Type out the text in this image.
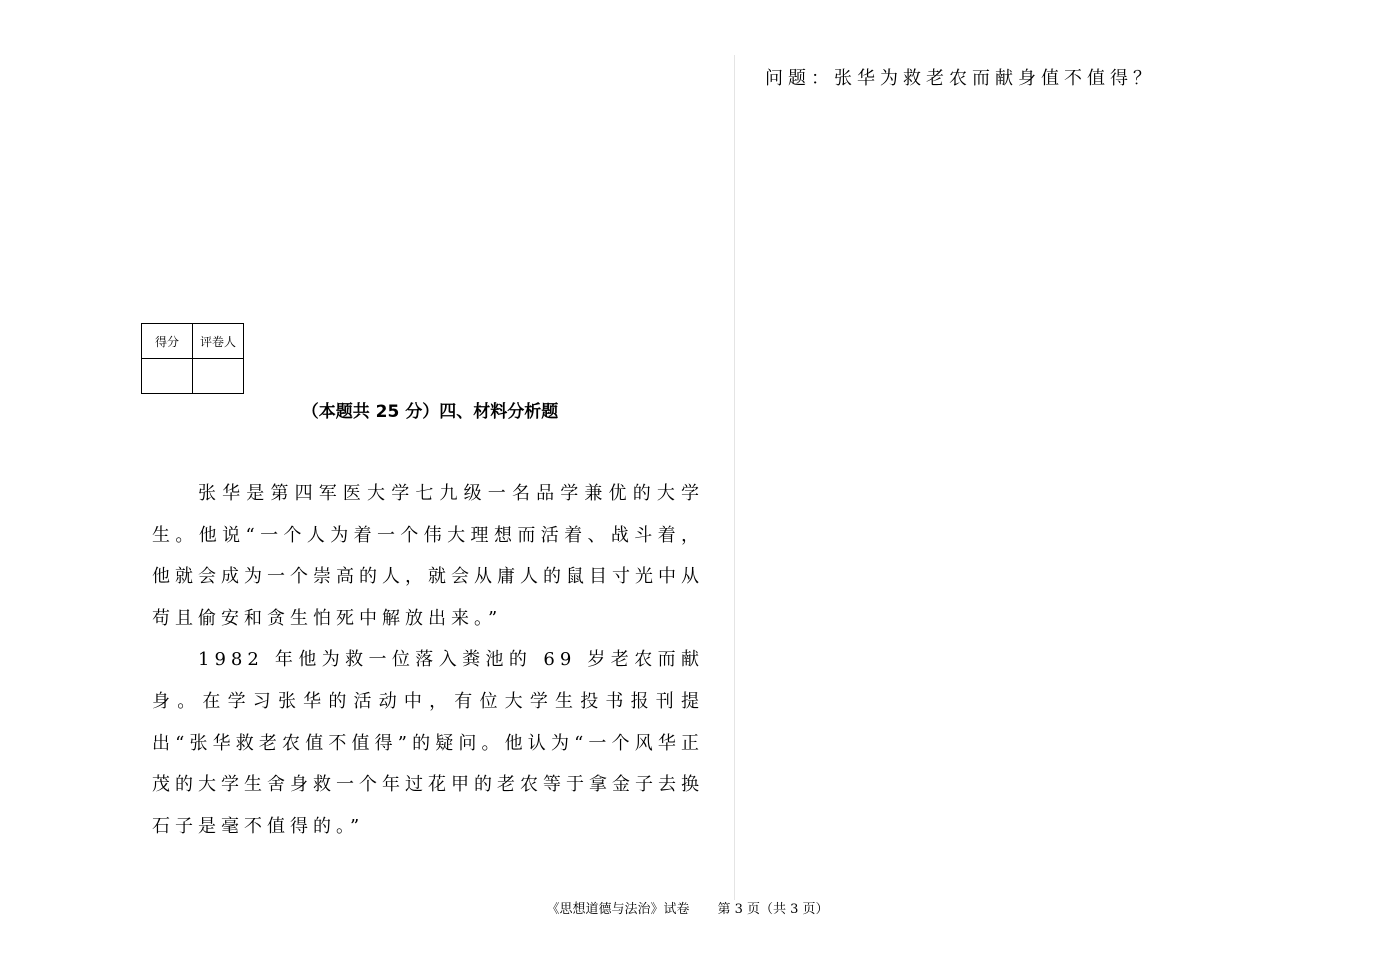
得分	评卷人

（本题共 25 分）四、材料分析题

张华是第四军医大学七九级一名品学兼优的大学生。他说“一个人为着一个伟大理想而活着、战斗着，他就会成为一个崇高的人，就会从庸人的鼠目寸光中从苟且偷安和贪生怕死中解放出来。”

1982 年他为救一位落入粪池的 69 岁老农而献身。在学习张华的活动中，有位大学生投书报刊提出“张华救老农值不值得”的疑问。他认为“一个风华正茂的大学生舍身救一个年过花甲的老农等于拿金子去换石子是毫不值得的。”

问题：张华为救老农而献身值不值得？
《思想道德与法治》试卷 第 3 页（共 3 页）
